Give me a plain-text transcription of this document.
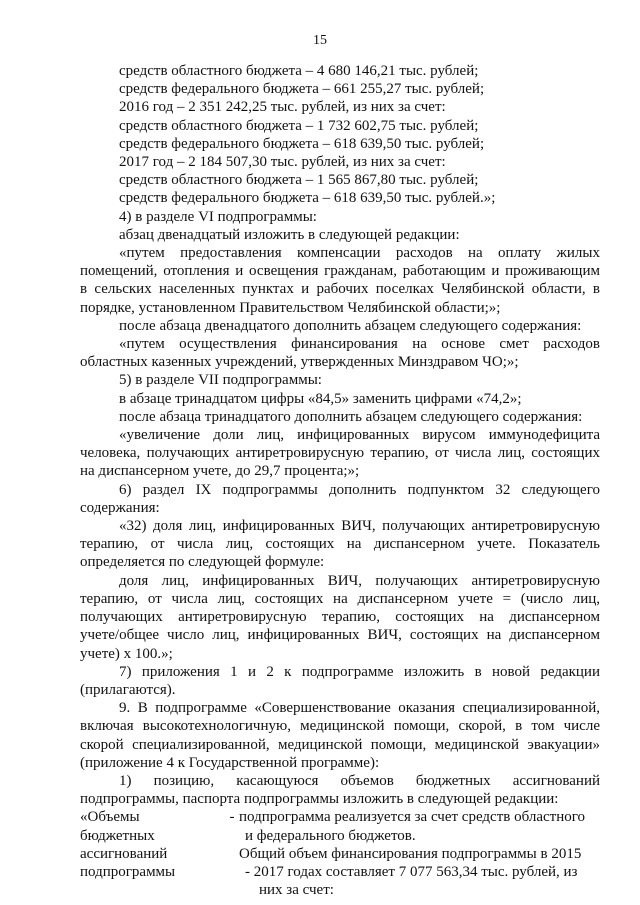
15
средств областного бюджета – 4 680 146,21 тыс. рублей;
средств федерального бюджета – 661 255,27 тыс. рублей;
2016 год – 2 351 242,25 тыс. рублей, из них за счет:
средств областного бюджета – 1 732 602,75 тыс. рублей;
средств федерального бюджета – 618 639,50 тыс. рублей;
2017 год – 2 184 507,30 тыс. рублей, из них за счет:
средств областного бюджета – 1 565 867,80 тыс. рублей;
средств федерального бюджета – 618 639,50 тыс. рублей.»;
4) в разделе VI подпрограммы:
абзац двенадцатый изложить в следующей редакции:
«путем предоставления компенсации расходов на оплату жилых
помещений, отопления и освещения гражданам, работающим и проживающим
в сельских населенных пунктах и рабочих поселках Челябинской области, в
порядке, установленном Правительством Челябинской области;»;
после абзаца двенадцатого дополнить абзацем следующего содержания:
«путем осуществления финансирования на основе смет расходов
областных казенных учреждений, утвержденных Минздравом ЧО;»;
5) в разделе VII подпрограммы:
в абзаце тринадцатом цифры «84,5» заменить цифрами «74,2»;
после абзаца тринадцатого дополнить абзацем следующего содержания:
«увеличение доли лиц, инфицированных вирусом иммунодефицита
человека, получающих антиретровирусную терапию, от числа лиц, состоящих
на диспансерном учете, до 29,7 процента;»;
6) раздел IX подпрограммы дополнить подпунктом 32 следующего
содержания:
«32) доля лиц, инфицированных ВИЧ, получающих антиретровирусную
терапию, от числа лиц, состоящих на диспансерном учете. Показатель
определяется по следующей формуле:
доля лиц, инфицированных ВИЧ, получающих антиретровирусную
терапию, от числа лиц, состоящих на диспансерном учете = (число лиц,
получающих антиретровирусную терапию, состоящих на диспансерном
учете/общее число лиц, инфицированных ВИЧ, состоящих на диспансерном
учете) х 100.»;
7) приложения 1 и 2 к подпрограмме изложить в новой редакции
(прилагаются).
9. В подпрограмме «Совершенствование оказания специализированной,
включая высокотехнологичную, медицинской помощи, скорой, в том числе
скорой специализированной, медицинской помощи, медицинской эвакуации»
(приложение 4 к Государственной программе):
1) позицию, касающуюся объемов бюджетных ассигнований
подпрограммы, паспорта подпрограммы изложить в следующей редакции:
«Объемы
бюджетных
ассигнований
подпрограммы
- подпрограмма реализуется за счет средств областного
и федерального бюджетов.
Общий объем финансирования подпрограммы в 2015
- 2017 годах составляет 7 077 563,34 тыс. рублей, из
них за счет:
